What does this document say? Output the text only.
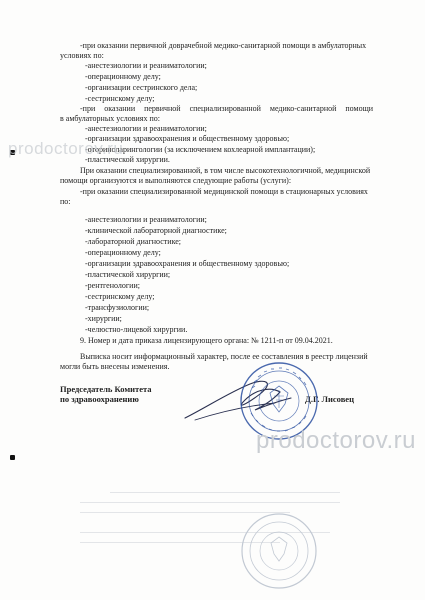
-при оказании первичной доврачебной медико-санитарной помощи в амбулаторных
условиях по:
-анестезиологии и реаниматологии;
-операционному делу;
-организации сестринского дела;
-сестринскому делу;
-при оказании первичной специализированной медико-санитарной помощи
в амбулаторных условиях по:
-анестезиологии и реаниматологии;
-организации здравоохранения и общественному здоровью;
-оториноларингологии (за исключением кохлеарной имплантации);
-пластической хирургии.
При оказании специализированной, в том числе высокотехнологичной, медицинской
помощи организуются и выполняются следующие работы (услуги):
-при оказании специализированной медицинской помощи в стационарных условиях
по:
-анестезиологии и реаниматологии;
-клинической лабораторной диагностике;
-лабораторной диагностике;
-операционному делу;
-организации здравоохранения и общественному здоровью;
-пластической хирургии;
-рентгенологии;
-сестринскому делу;
-трансфузиологии;
-хирургии;
-челюстно-лицевой хирургии.
9. Номер и дата приказа лицензирующего органа: № 1211-п от 09.04.2021.
Выписка носит информационный характер, после ее составления в реестр лицензий
могли быть внесены изменения.
Председатель Комитета
по здравоохранению	Д.Г. Лисовец
prodoctorov.ru
prodoctorov.ru
